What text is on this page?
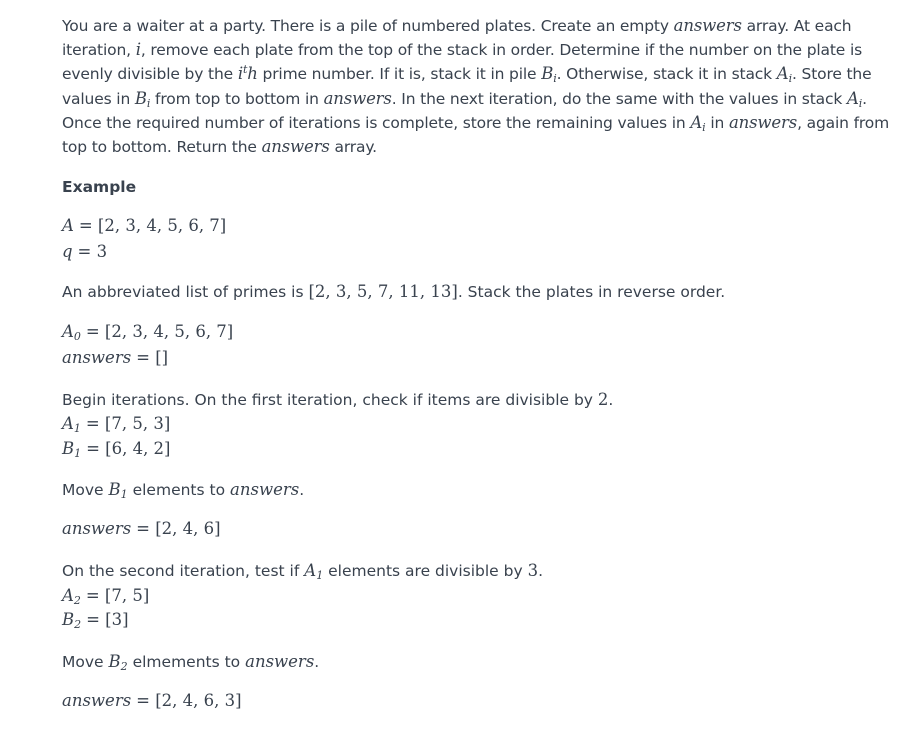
You are a waiter at a party. There is a pile of numbered plates. Create an empty answers array. At each iteration, i, remove each plate from the top of the stack in order. Determine if the number on the plate is evenly divisible by the $i^th$ prime number. If it is, stack it in pile $B_i$. Otherwise, stack it in stack $A_i$. Store the values in $B_i$ from top to bottom in answers. In the next iteration, do the same with the values in stack $A_i$. Once the required number of iterations is complete, store the remaining values in $A_i$ in answers, again from top to bottom. Return the answers array.
Example
A = [2, 3, 4, 5, 6, 7]
q = 3
An abbreviated list of primes is [2, 3, 5, 7, 11, 13]. Stack the plates in reverse order.
$A_0 = [2$, 3, 4, 5, 6, 7]
answers = []
Begin iterations. On the first iteration, check if items are divisible by 2.
$A_1 = [7$, 5, 3]
$B_1 = [6$, 4, 2]
Move $B_1$ elements to answers.
answers = [2, 4, 6]
On the second iteration, test if $A_1$ elements are divisible by 3.
$A_2 = [7$, 5]
$B_2 = [3]$
Move $B_2$ elmements to answers.
answers = [2, 4, 6, 3]
